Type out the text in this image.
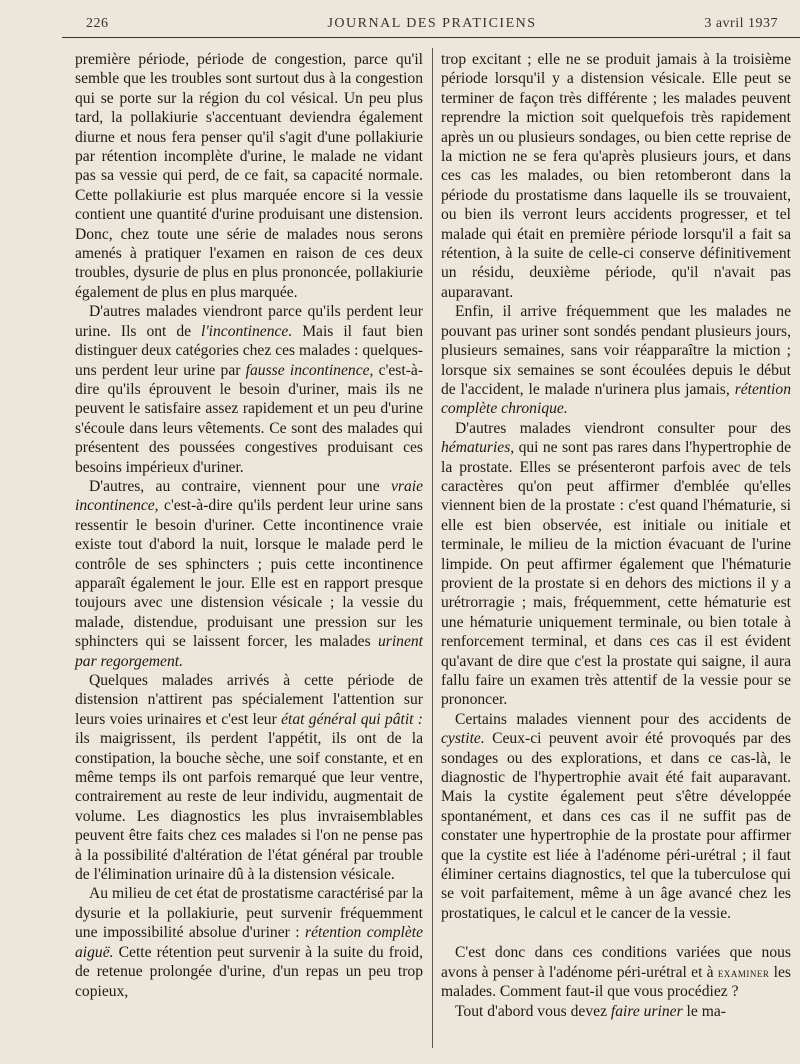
226	JOURNAL DES PRATICIENS	3 avril 1937

première période, période de congestion, parce qu'il semble que les troubles sont surtout dus à la congestion qui se porte sur la région du col vésical. Un peu plus tard, la pollakiurie s'accentuant deviendra également diurne et nous fera penser qu'il s'agit d'une pollakiurie par rétention incomplète d'urine, le malade ne vidant pas sa vessie qui perd, de ce fait, sa capacité normale. Cette pollakiurie est plus marquée encore si la vessie contient une quantité d'urine produisant une distension. Donc, chez toute une série de malades nous serons amenés à pratiquer l'examen en raison de ces deux troubles, dysurie de plus en plus prononcée, pollakiurie également de plus en plus marquée.

D'autres malades viendront parce qu'ils perdent leur urine. Ils ont de l'incontinence. Mais il faut bien distinguer deux catégories chez ces malades : quelques-uns perdent leur urine par fausse incontinence, c'est-à-dire qu'ils éprouvent le besoin d'uriner, mais ils ne peuvent le satisfaire assez rapidement et un peu d'urine s'écoule dans leurs vêtements. Ce sont des malades qui présentent des poussées congestives produisant ces besoins impérieux d'uriner.

D'autres, au contraire, viennent pour une vraie incontinence, c'est-à-dire qu'ils perdent leur urine sans ressentir le besoin d'uriner. Cette incontinence vraie existe tout d'abord la nuit, lorsque le malade perd le contrôle de ses sphincters ; puis cette incontinence apparaît également le jour. Elle est en rapport presque toujours avec une distension vésicale ; la vessie du malade, distendue, produisant une pression sur les sphincters qui se laissent forcer, les malades urinent par regorgement.

Quelques malades arrivés à cette période de distension n'attirent pas spécialement l'attention sur leurs voies urinaires et c'est leur état général qui pâtit : ils maigrissent, ils perdent l'appétit, ils ont de la constipation, la bouche sèche, une soif constante, et en même temps ils ont parfois remarqué que leur ventre, contrairement au reste de leur individu, augmentait de volume. Les diagnostics les plus invraisemblables peuvent être faits chez ces malades si l'on ne pense pas à la possibilité d'altération de l'état général par trouble de l'élimination urinaire dû à la distension vésicale.

Au milieu de cet état de prostatisme caractérisé par la dysurie et la pollakiurie, peut survenir fréquemment une impossibilité absolue d'uriner : rétention complète aiguë. Cette rétention peut survenir à la suite du froid, de retenue prolongée d'urine, d'un repas un peu trop copieux,

trop excitant ; elle ne se produit jamais à la troisième période lorsqu'il y a distension vésicale. Elle peut se terminer de façon très différente ; les malades peuvent reprendre la miction soit quelquefois très rapidement après un ou plusieurs sondages, ou bien cette reprise de la miction ne se fera qu'après plusieurs jours, et dans ces cas les malades, ou bien retomberont dans la période du prostatisme dans laquelle ils se trouvaient, ou bien ils verront leurs accidents progresser, et tel malade qui était en première période lorsqu'il a fait sa rétention, à la suite de celle-ci conserve définitivement un résidu, deuxième période, qu'il n'avait pas auparavant.

Enfin, il arrive fréquemment que les malades ne pouvant pas uriner sont sondés pendant plusieurs jours, plusieurs semaines, sans voir réapparaître la miction ; lorsque six semaines se sont écoulées depuis le début de l'accident, le malade n'urinera plus jamais, rétention complète chronique.

D'autres malades viendront consulter pour des hématuries, qui ne sont pas rares dans l'hypertrophie de la prostate. Elles se présenteront parfois avec de tels caractères qu'on peut affirmer d'emblée qu'elles viennent bien de la prostate : c'est quand l'hématurie, si elle est bien observée, est initiale ou initiale et terminale, le milieu de la miction évacuant de l'urine limpide. On peut affirmer également que l'hématurie provient de la prostate si en dehors des mictions il y a urétrorragie ; mais, fréquemment, cette hématurie est une hématurie uniquement terminale, ou bien totale à renforcement terminal, et dans ces cas il est évident qu'avant de dire que c'est la prostate qui saigne, il aura fallu faire un examen très attentif de la vessie pour se prononcer.

Certains malades viennent pour des accidents de cystite. Ceux-ci peuvent avoir été provoqués par des sondages ou des explorations, et dans ce cas-là, le diagnostic de l'hypertrophie avait été fait auparavant. Mais la cystite également peut s'être développée spontanément, et dans ces cas il ne suffit pas de constater une hypertrophie de la prostate pour affirmer que la cystite est liée à l'adénome péri-urétral ; il faut éliminer certains diagnostics, tel que la tuberculose qui se voit parfaitement, même à un âge avancé chez les prostatiques, le calcul et le cancer de la vessie.

C'est donc dans ces conditions variées que nous avons à penser à l'adénome péri-urétral et à examiner les malades. Comment faut-il que vous procédiez ?

Tout d'abord vous devez faire uriner le ma-
